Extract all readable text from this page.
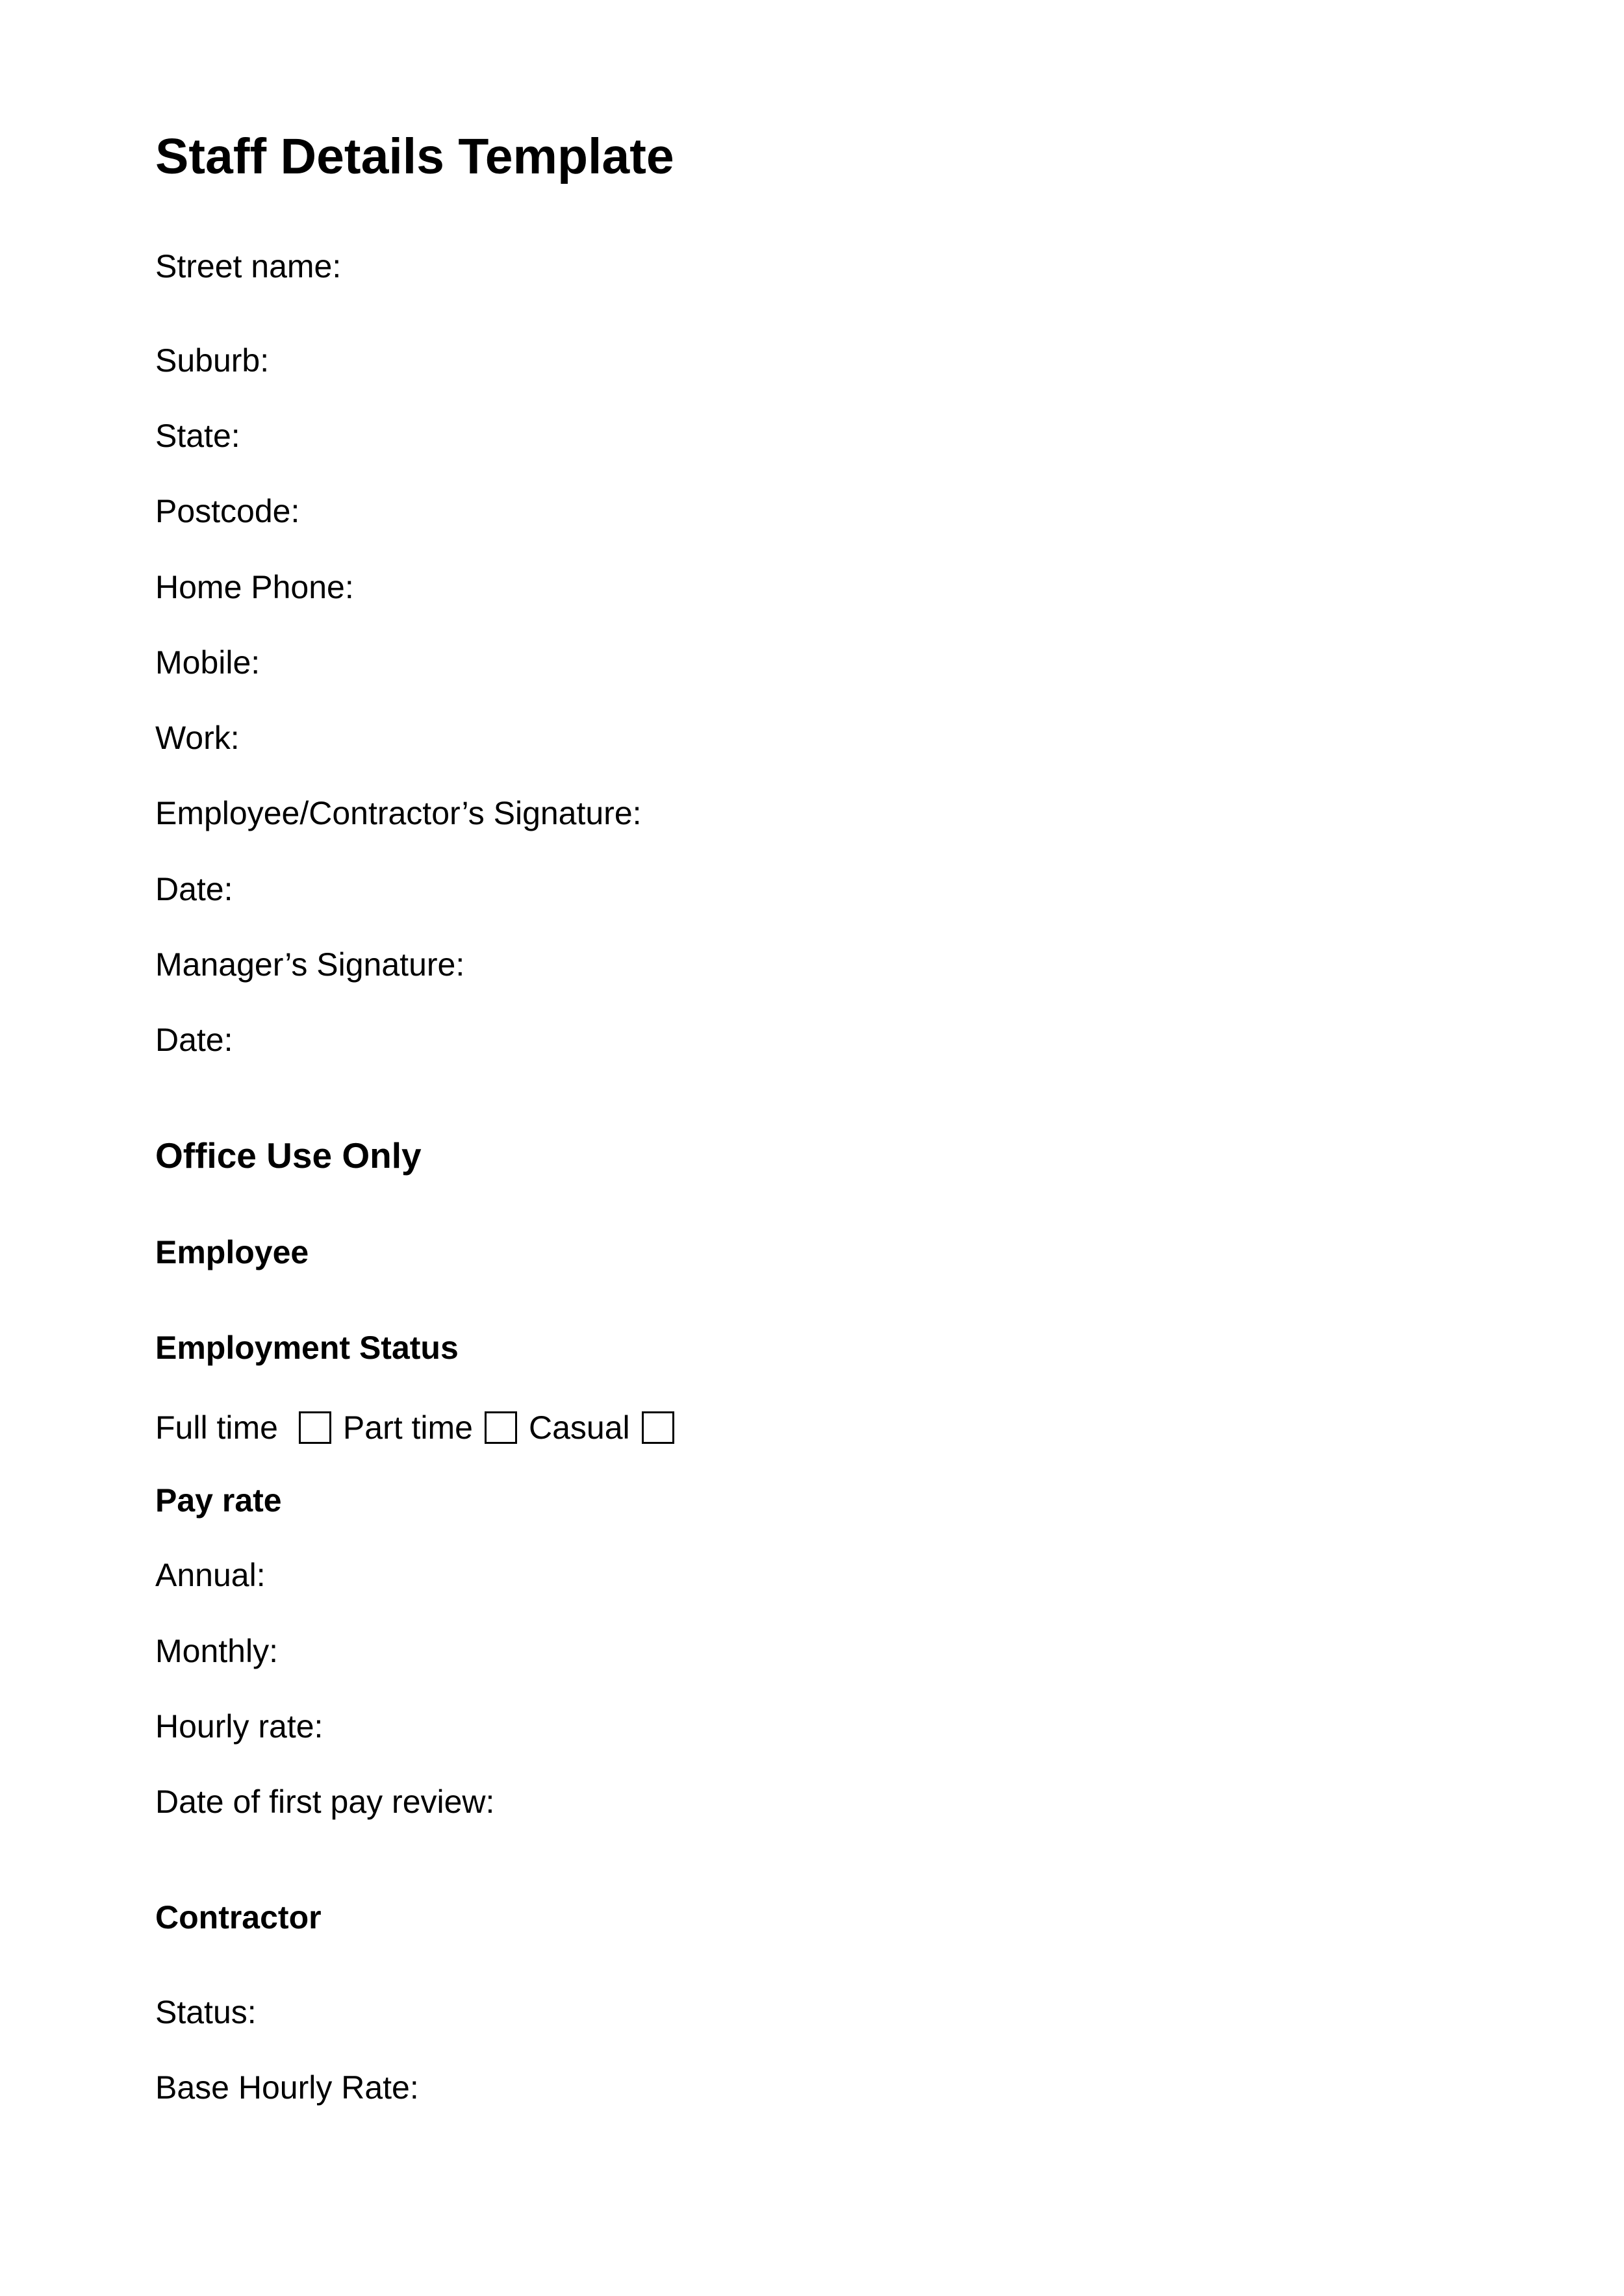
Staff Details Template
Street name:
Suburb:
State:
Postcode:
Home Phone:
Mobile:
Work:
Employee/Contractor’s Signature:
Date:
Manager’s Signature:
Date:
Office Use Only
Employee
Employment Status
Full time Part time Casual
Pay rate
Annual:
Monthly:
Hourly rate:
Date of first pay review:
Contractor
Status:
Base Hourly Rate:
